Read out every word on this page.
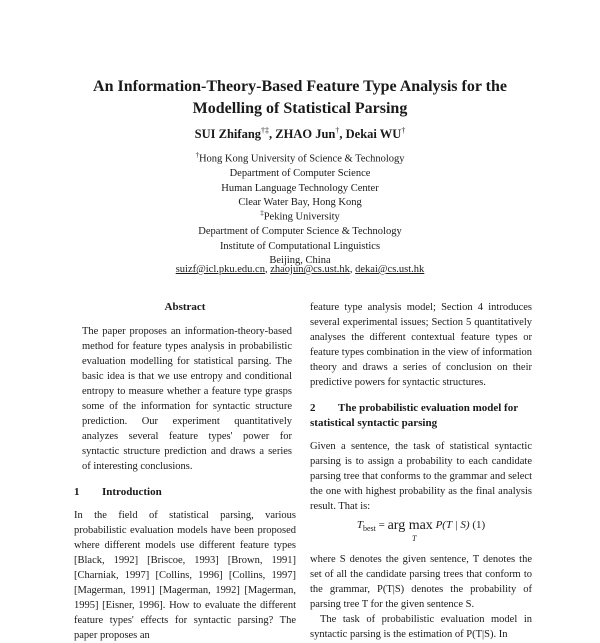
An Information-Theory-Based Feature Type Analysis for the
Modelling of Statistical Parsing
SUI Zhifang†‡, ZHAO Jun†, Dekai WU†
†Hong Kong University of Science & Technology
Department of Computer Science
Human Language Technology Center
Clear Water Bay, Hong Kong
‡Peking University
Department of Computer Science & Technology
Institute of Computational Linguistics
Beijing, China
suizf@icl.pku.edu.cn, zhaojun@cs.ust.hk, dekai@cs.ust.hk
Abstract
The paper proposes an information-theory-based method for feature types analysis in probabilistic evaluation modelling for statistical parsing. The basic idea is that we use entropy and conditional entropy to measure whether a feature type grasps some of the information for syntactic structure prediction. Our experiment quantitatively analyzes several feature types' power for syntactic structure prediction and draws a series of interesting conclusions.
1 Introduction
In the field of statistical parsing, various probabilistic evaluation models have been proposed where different models use different feature types [Black, 1992] [Briscoe, 1993] [Brown, 1991] [Charniak, 1997] [Collins, 1996] [Collins, 1997] [Magerman, 1991] [Magerman, 1992] [Magerman, 1995] [Eisner, 1996]. How to evaluate the different feature types' effects for syntactic parsing? The paper proposes an
feature type analysis model; Section 4 introduces several experimental issues; Section 5 quantitatively analyses the different contextual feature types or feature types combination in the view of information theory and draws a series of conclusion on their predictive powers for syntactic structures.
2 The probabilistic evaluation model for statistical syntactic parsing
Given a sentence, the task of statistical syntactic parsing is to assign a probability to each candidate parsing tree that conforms to the grammar and select the one with highest probability as the final analysis result. That is:
$T_{best}$ = arg max
T
P(T | S) (1)
where S denotes the given sentence, T denotes the set of all the candidate parsing trees that conform to the grammar, P(T|S) denotes the probability of parsing tree T for the given sentence S.
The task of probabilistic evaluation model in syntactic parsing is the estimation of P(T|S). In
